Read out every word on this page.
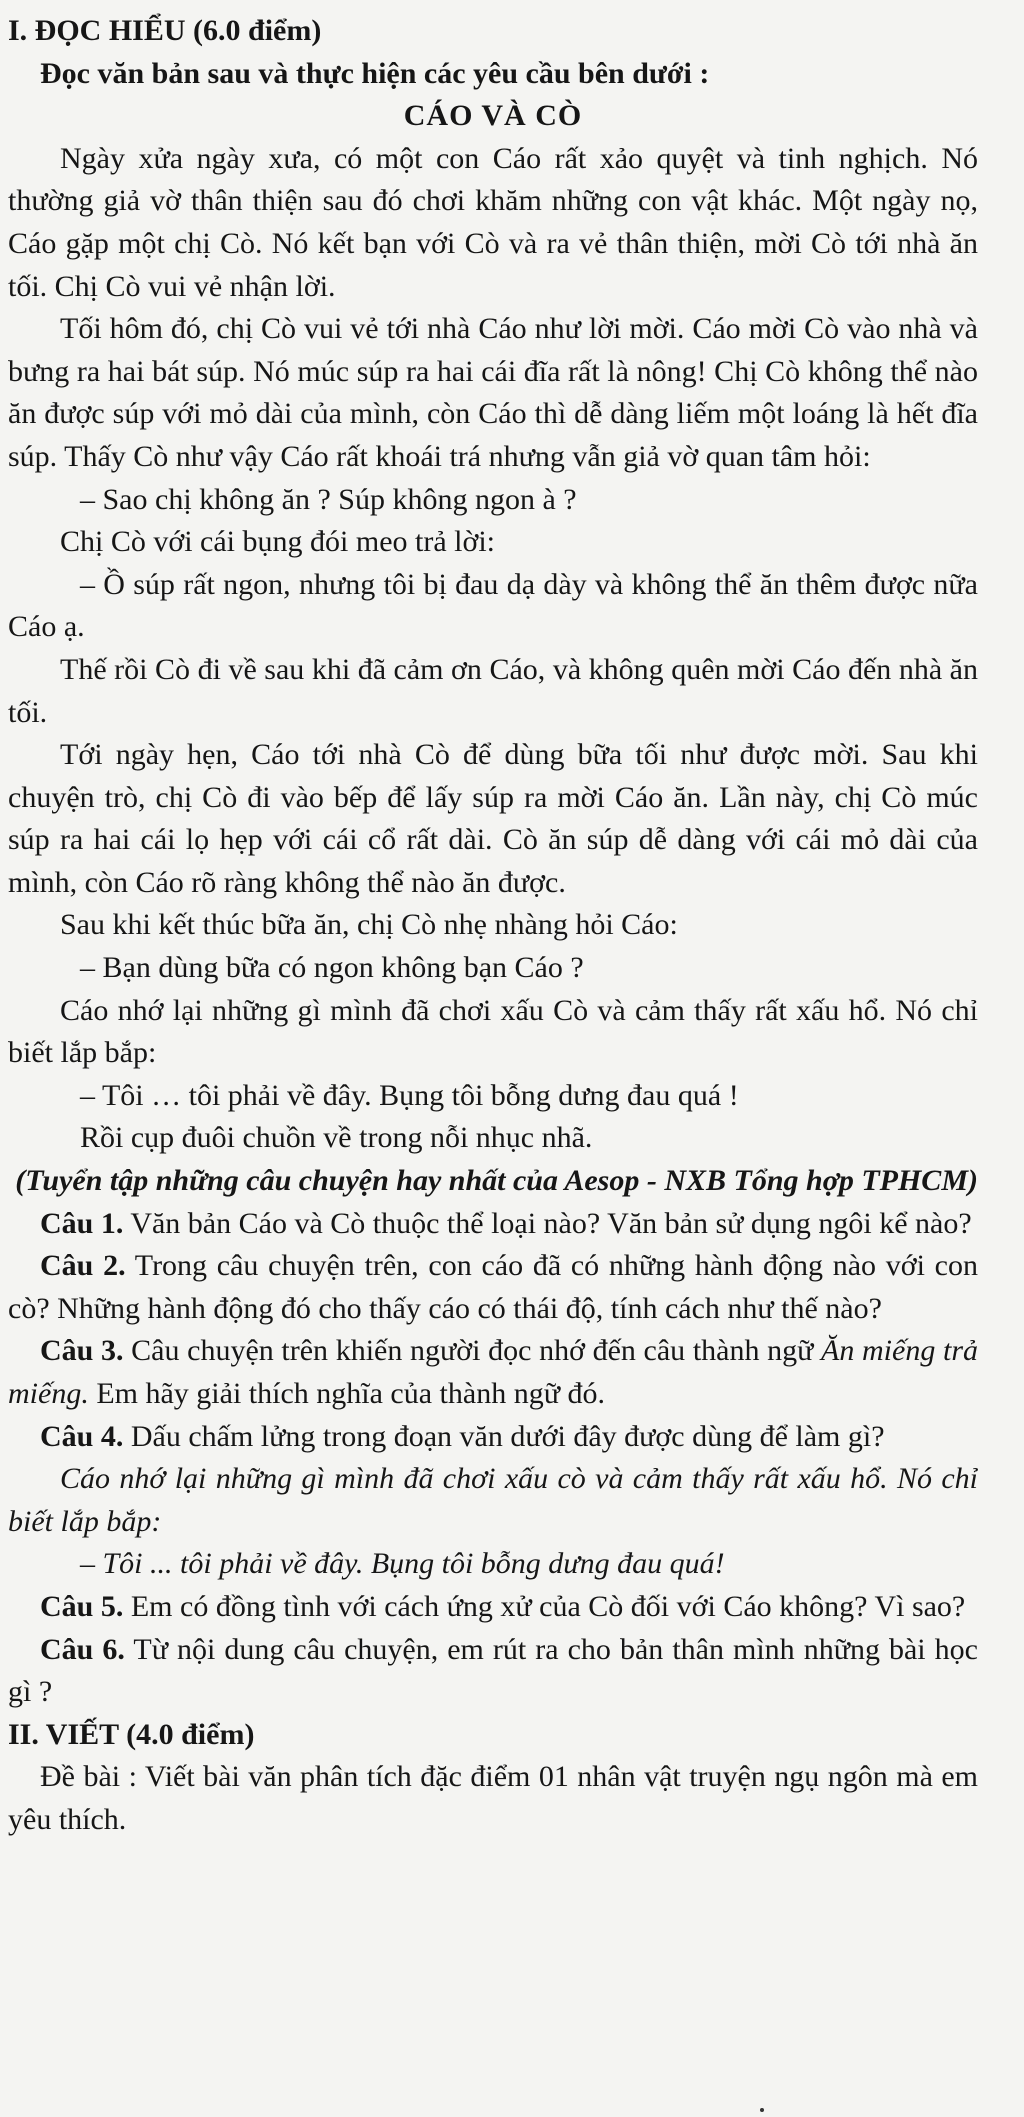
I. ĐỌC HIỂU (6.0 điểm)

Đọc văn bản sau và thực hiện các yêu cầu bên dưới :

CÁO VÀ CÒ

Ngày xửa ngày xưa, có một con Cáo rất xảo quyệt và tinh nghịch. Nó thường giả vờ thân thiện sau đó chơi khăm những con vật khác. Một ngày nọ, Cáo gặp một chị Cò. Nó kết bạn với Cò và ra vẻ thân thiện, mời Cò tới nhà ăn tối. Chị Cò vui vẻ nhận lời.

Tối hôm đó, chị Cò vui vẻ tới nhà Cáo như lời mời. Cáo mời Cò vào nhà và bưng ra hai bát súp. Nó múc súp ra hai cái đĩa rất là nông! Chị Cò không thể nào ăn được súp với mỏ dài của mình, còn Cáo thì dễ dàng liếm một loáng là hết đĩa súp. Thấy Cò như vậy Cáo rất khoái trá nhưng vẫn giả vờ quan tâm hỏi:

– Sao chị không ăn ? Súp không ngon à ?

Chị Cò với cái bụng đói meo trả lời:

– Ồ súp rất ngon, nhưng tôi bị đau dạ dày và không thể ăn thêm được nữa Cáo ạ.

Thế rồi Cò đi về sau khi đã cảm ơn Cáo, và không quên mời Cáo đến nhà ăn tối.

Tới ngày hẹn, Cáo tới nhà Cò để dùng bữa tối như được mời. Sau khi chuyện trò, chị Cò đi vào bếp để lấy súp ra mời Cáo ăn. Lần này, chị Cò múc súp ra hai cái lọ hẹp với cái cổ rất dài. Cò ăn súp dễ dàng với cái mỏ dài của mình, còn Cáo rõ ràng không thể nào ăn được.

Sau khi kết thúc bữa ăn, chị Cò nhẹ nhàng hỏi Cáo:

– Bạn dùng bữa có ngon không bạn Cáo ?

Cáo nhớ lại những gì mình đã chơi xấu Cò và cảm thấy rất xấu hổ. Nó chỉ biết lắp bắp:

– Tôi … tôi phải về đây. Bụng tôi bỗng dưng đau quá !

Rồi cụp đuôi chuồn về trong nỗi nhục nhã.

(Tuyển tập những câu chuyện hay nhất của Aesop - NXB Tổng hợp TPHCM)

Câu 1. Văn bản Cáo và Cò thuộc thể loại nào? Văn bản sử dụng ngôi kể nào?

Câu 2. Trong câu chuyện trên, con cáo đã có những hành động nào với con cò? Những hành động đó cho thấy cáo có thái độ, tính cách như thế nào?

Câu 3. Câu chuyện trên khiến người đọc nhớ đến câu thành ngữ Ăn miếng trả miếng. Em hãy giải thích nghĩa của thành ngữ đó.

Câu 4. Dấu chấm lửng trong đoạn văn dưới đây được dùng để làm gì?

Cáo nhớ lại những gì mình đã chơi xấu cò và cảm thấy rất xấu hổ. Nó chỉ biết lắp bắp:

– Tôi ... tôi phải về đây. Bụng tôi bỗng dưng đau quá!

Câu 5. Em có đồng tình với cách ứng xử của Cò đối với Cáo không? Vì sao?

Câu 6. Từ nội dung câu chuyện, em rút ra cho bản thân mình những bài học gì ?

II. VIẾT (4.0 điểm)

Đề bài : Viết bài văn phân tích đặc điểm 01 nhân vật truyện ngụ ngôn mà em yêu thích.
